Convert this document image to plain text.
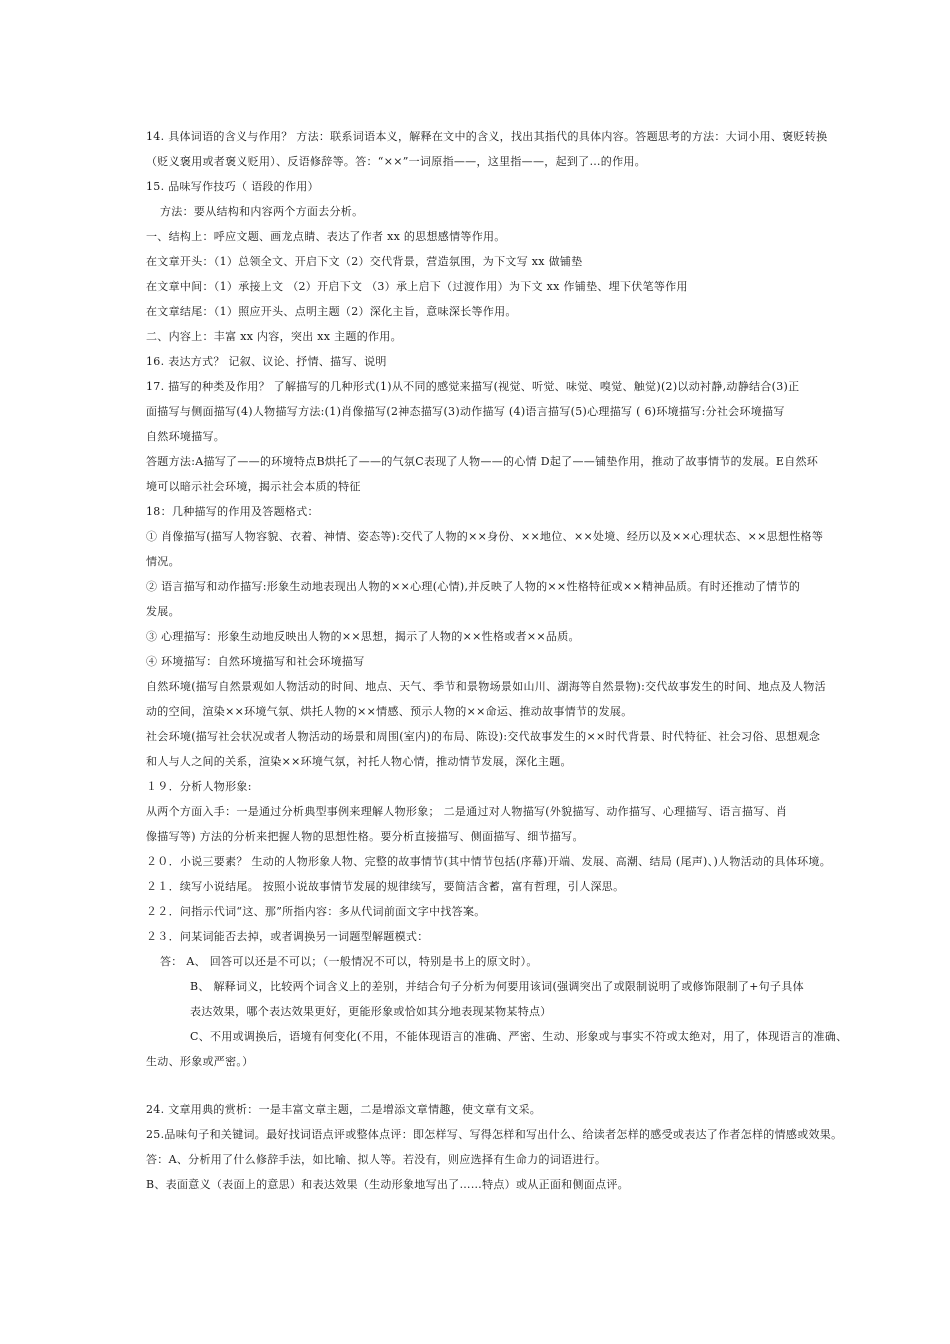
14. 具体词语的含义与作用？ 方法：联系词语本义，解释在文中的含义，找出其指代的具体内容。答题思考的方法：大词小用、褒贬转换
（贬义褒用或者褒义贬用）、反语修辞等。答：“××”一词原指——，这里指——，起到了…的作用。
15. 品味写作技巧（ 语段的作用）
方法：要从结构和内容两个方面去分析。
一、结构上：呼应文题、画龙点睛、表达了作者 xx 的思想感情等作用。
在文章开头：（1）总领全文、开启下文（2）交代背景，营造氛围，为下文写 xx 做铺垫
在文章中间：（1）承接上文 （2）开启下文 （3）承上启下（过渡作用）为下文 xx 作铺垫、埋下伏笔等作用
在文章结尾：（1）照应开头、点明主题（2）深化主旨，意味深长等作用。
二、内容上：丰富 xx 内容，突出 xx 主题的作用。
16. 表达方式？ 记叙、议论、抒情、描写、说明
17. 描写的种类及作用？ 了解描写的几种形式(1)从不同的感觉来描写(视觉、听觉、味觉、嗅觉、触觉)(2)以动衬静,动静结合(3)正
面描写与侧面描写(4)人物描写方法:(1)肖像描写(2神态描写(3)动作描写 (4)语言描写(5)心理描写 ( 6)环境描写:分社会环境描写
自然环境描写。
答题方法:A描写了——的环境特点B烘托了——的气氛C表现了人物——的心情 D起了——铺垫作用，推动了故事情节的发展。E自然环
境可以暗示社会环境，揭示社会本质的特征
18：几种描写的作用及答题格式：
① 肖像描写(描写人物容貌、衣着、神情、姿态等):交代了人物的××身份、××地位、××处境、经历以及××心理状态、××思想性格等
情况。
② 语言描写和动作描写:形象生动地表现出人物的××心理(心情),并反映了人物的××性格特征或××精神品质。有时还推动了情节的
发展。
③ 心理描写：形象生动地反映出人物的××思想，揭示了人物的××性格或者××品质。
④ 环境描写：自然环境描写和社会环境描写
自然环境(描写自然景观如人物活动的时间、地点、天气、季节和景物场景如山川、湖海等自然景物):交代故事发生的时间、地点及人物活
动的空间，渲染××环境气氛、烘托人物的××情感、预示人物的××命运、推动故事情节的发展。
社会环境(描写社会状况或者人物活动的场景和周围(室内)的布局、陈设):交代故事发生的××时代背景、时代特征、社会习俗、思想观念
和人与人之间的关系，渲染××环境气氛，衬托人物心情，推动情节发展，深化主题。
１９．分析人物形象:
从两个方面入手：一是通过分析典型事例来理解人物形象； 二是通过对人物描写(外貌描写、动作描写、心理描写、语言描写、肖
像描写等) 方法的分析来把握人物的思想性格。要分析直接描写、侧面描写、细节描写。
２０．小说三要素？ 生动的人物形象人物、完整的故事情节(其中情节包括(序幕)开端、发展、高潮、结局 (尾声)、)人物活动的具体环境。
２１．续写小说结尾。 按照小说故事情节发展的规律续写，要简洁含蓄，富有哲理，引人深思。
２２．问指示代词“这、那”所指内容：多从代词前面文字中找答案。
２３．问某词能否去掉，或者调换另一词题型解题模式：
答： A、 回答可以还是不可以；（一般情况不可以，特别是书上的原文时）。
B、 解释词义，比较两个词含义上的差别，并结合句子分析为何要用该词(强调突出了或限制说明了或修饰限制了+句子具体
表达效果，哪个表达效果更好，更能形象或恰如其分地表现某物某特点）
C、不用或调换后，语境有何变化(不用，不能体现语言的准确、严密、生动、形象或与事实不符或太绝对，用了，体现语言的准确、
生动、形象或严密。）
24. 文章用典的赏析：一是丰富文章主题，二是增添文章情趣，使文章有文采。
25.品味句子和关键词。最好找词语点评或整体点评：即怎样写、写得怎样和写出什么、给读者怎样的感受或表达了作者怎样的情感或效果。
答：A、分析用了什么修辞手法，如比喻、拟人等。若没有，则应选择有生命力的词语进行。
B、表面意义（表面上的意思）和表达效果（生动形象地写出了……特点）或从正面和侧面点评。
